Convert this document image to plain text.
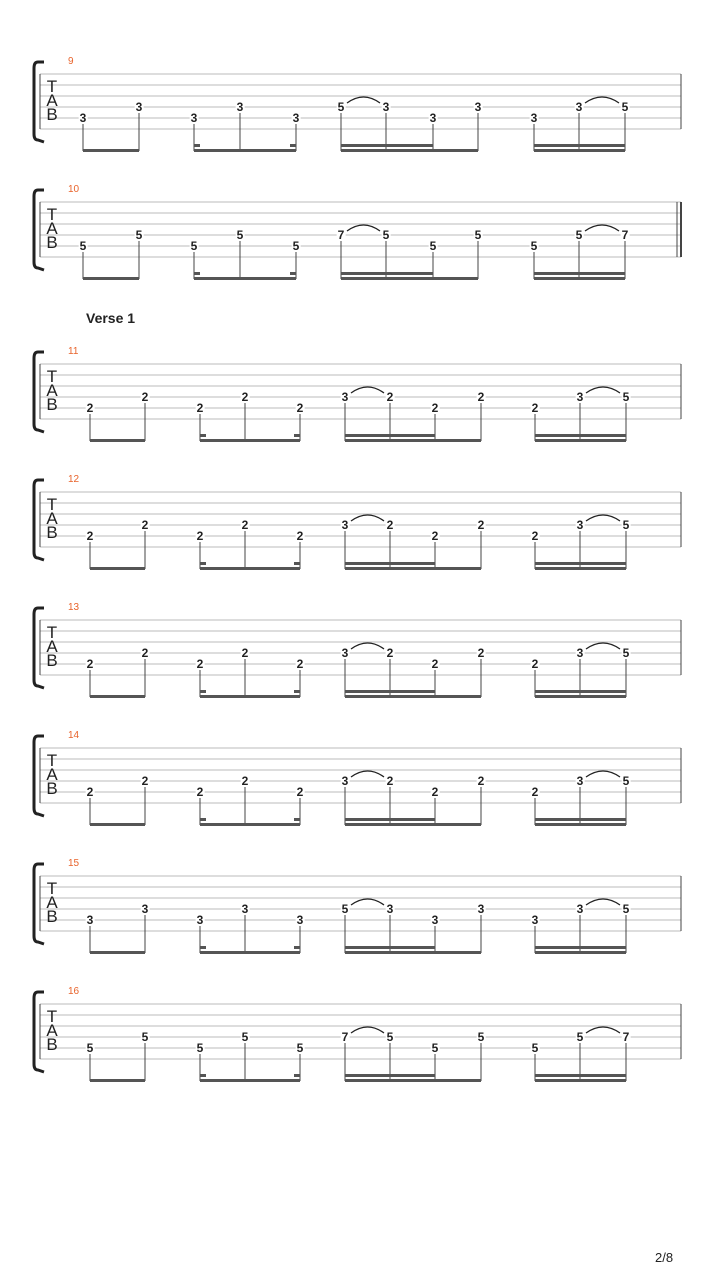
9
T
A
B 3
3
3
3
3
5	3
3
3
3
3	5
10
T
A
B 5
5
5
5
5
7	5
5
5
5
5	7
11
T
A
B 2
2
2
2
2
3	2
2
2
2
3	5
12
T
A
B 2
2
2
2
2
3	2
2
2
2
3	5
13
T
A
B 2
2
2
2
2
3	2
2
2
2
3	5
14
T
A
B 2
2
2
2
2
3	2
2
2
2
3	5
15
T
A
B 3
3
3
3
3
5	3
3
3
3
3	5
16
T
A
B 5
5
5
5
5
7	5
5
5
5
5	7
Verse 1
2/8
